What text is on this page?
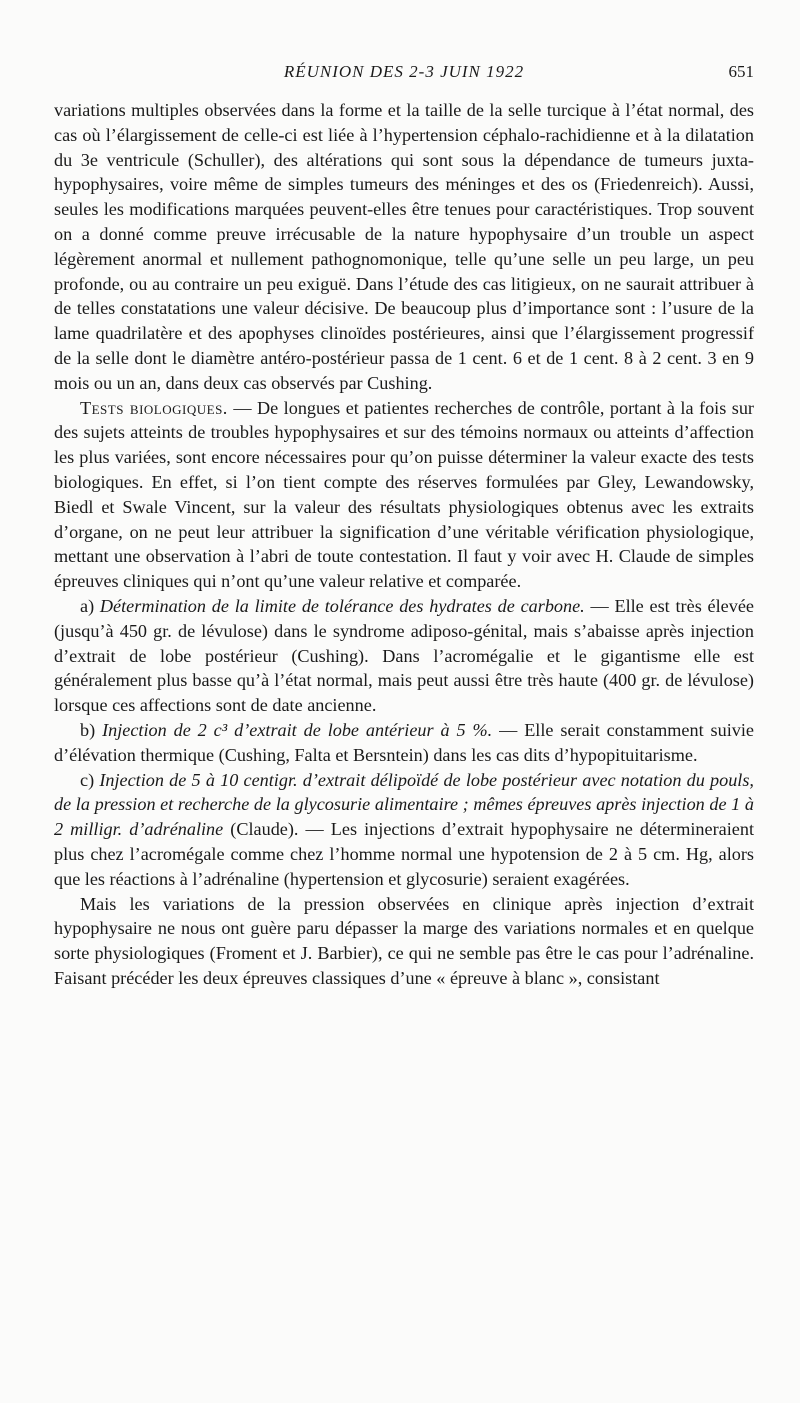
RÉUNION DES 2-3 JUIN 1922	651

variations multiples observées dans la forme et la taille de la selle turcique à l’état normal, des cas où l’élargissement de celle-ci est liée à l’hypertension céphalo-rachidienne et à la dilatation du 3e ventricule (Schuller), des altérations qui sont sous la dépendance de tumeurs juxta-hypophysaires, voire même de simples tumeurs des méninges et des os (Friedenreich). Aussi, seules les modifications marquées peuvent-elles être tenues pour caractéristiques. Trop souvent on a donné comme preuve irrécusable de la nature hypophysaire d’un trouble un aspect légèrement anormal et nullement pathognomonique, telle qu’une selle un peu large, un peu profonde, ou au contraire un peu exiguë. Dans l’étude des cas litigieux, on ne saurait attribuer à de telles constatations une valeur décisive. De beaucoup plus d’importance sont : l’usure de la lame quadrilatère et des apophyses clinoïdes postérieures, ainsi que l’élargissement progressif de la selle dont le diamètre antéro-postérieur passa de 1 cent. 6 et de 1 cent. 8 à 2 cent. 3 en 9 mois ou un an, dans deux cas observés par Cushing.

Tests biologiques. — De longues et patientes recherches de contrôle, portant à la fois sur des sujets atteints de troubles hypophysaires et sur des témoins normaux ou atteints d’affection les plus variées, sont encore nécessaires pour qu’on puisse déterminer la valeur exacte des tests biologiques. En effet, si l’on tient compte des réserves formulées par Gley, Lewandowsky, Biedl et Swale Vincent, sur la valeur des résultats physiologiques obtenus avec les extraits d’organe, on ne peut leur attribuer la signification d’une véritable vérification physiologique, mettant une observation à l’abri de toute contestation. Il faut y voir avec H. Claude de simples épreuves cliniques qui n’ont qu’une valeur relative et comparée.

a) Détermination de la limite de tolérance des hydrates de carbone. — Elle est très élevée (jusqu’à 450 gr. de lévulose) dans le syndrome adiposo-génital, mais s’abaisse après injection d’extrait de lobe postérieur (Cushing). Dans l’acromégalie et le gigantisme elle est généralement plus basse qu’à l’état normal, mais peut aussi être très haute (400 gr. de lévulose) lorsque ces affections sont de date ancienne.

b) Injection de 2 c³ d’extrait de lobe antérieur à 5 %. — Elle serait constamment suivie d’élévation thermique (Cushing, Falta et Bersntein) dans les cas dits d’hypopituitarisme.

c) Injection de 5 à 10 centigr. d’extrait délipoïdé de lobe postérieur avec notation du pouls, de la pression et recherche de la glycosurie alimentaire ; mêmes épreuves après injection de 1 à 2 milligr. d’adrénaline (Claude). — Les injections d’extrait hypophysaire ne détermineraient plus chez l’acromégale comme chez l’homme normal une hypotension de 2 à 5 cm. Hg, alors que les réactions à l’adrénaline (hypertension et glycosurie) seraient exagérées.

Mais les variations de la pression observées en clinique après injection d’extrait hypophysaire ne nous ont guère paru dépasser la marge des variations normales et en quelque sorte physiologiques (Froment et J. Barbier), ce qui ne semble pas être le cas pour l’adrénaline. Faisant précéder les deux épreuves classiques d’une « épreuve à blanc », consistant
